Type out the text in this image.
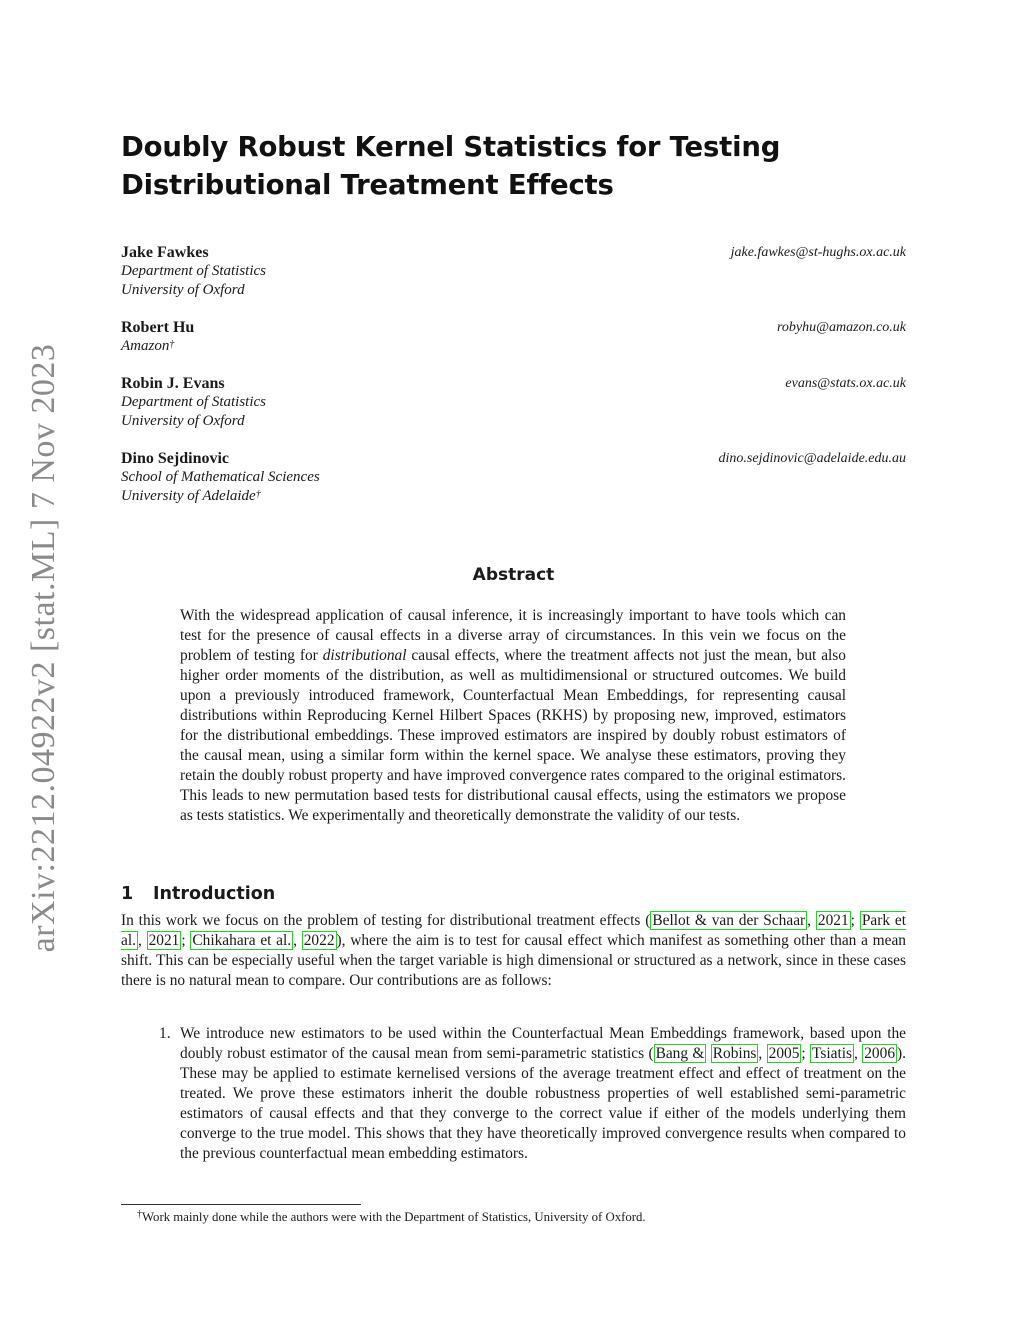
arXiv:2212.04922v2 [stat.ML] 7 Nov 2023
Doubly Robust Kernel Statistics for Testing Distributional Treatment Effects
Jake Fawkes
Department of Statistics
University of Oxford
jake.fawkes@st-hughs.ox.ac.uk
Robert Hu
Amazon†
robyhu@amazon.co.uk
Robin J. Evans
Department of Statistics
University of Oxford
evans@stats.ox.ac.uk
Dino Sejdinovic
School of Mathematical Sciences
University of Adelaide†
dino.sejdinovic@adelaide.edu.au
Abstract

With the widespread application of causal inference, it is increasingly important to have tools which can test for the presence of causal effects in a diverse array of circumstances. In this vein we focus on the problem of testing for distributional causal effects, where the treatment affects not just the mean, but also higher order moments of the distribution, as well as multidimensional or structured outcomes. We build upon a previously introduced framework, Counterfactual Mean Embeddings, for representing causal distributions within Reproducing Kernel Hilbert Spaces (RKHS) by proposing new, improved, estimators for the distributional embeddings. These improved estimators are inspired by doubly robust estimators of the causal mean, using a similar form within the kernel space. We analyse these estimators, proving they retain the doubly robust property and have improved convergence rates compared to the original estimators. This leads to new permutation based tests for distributional causal effects, using the estimators we propose as tests statistics. We experimentally and theoretically demonstrate the validity of our tests.

1 Introduction

In this work we focus on the problem of testing for distributional treatment effects ( Bellot & van der Schaar , 2021 ; Park et al. , 2021 ; Chikahara et al. , 2022 ), where the aim is to test for causal effect which manifest as something other than a mean shift. This can be especially useful when the target variable is high dimensional or structured as a network, since in these cases there is no natural mean to compare. Our contributions are as follows:

1. We introduce new estimators to be used within the Counterfactual Mean Embeddings framework, based upon the doubly robust estimator of the causal mean from semi-parametric statistics ( Bang & Robins , 2005 ; Tsiatis , 2006 ). These may be applied to estimate kernelised versions of the average treatment effect and effect of treatment on the treated. We prove these estimators inherit the double robustness properties of well established semi-parametric estimators of causal effects and that they converge to the correct value if either of the models underlying them converge to the true model. This shows that they have theoretically improved convergence results when compared to the previous counterfactual mean embedding estimators.

†Work mainly done while the authors were with the Department of Statistics, University of Oxford.
